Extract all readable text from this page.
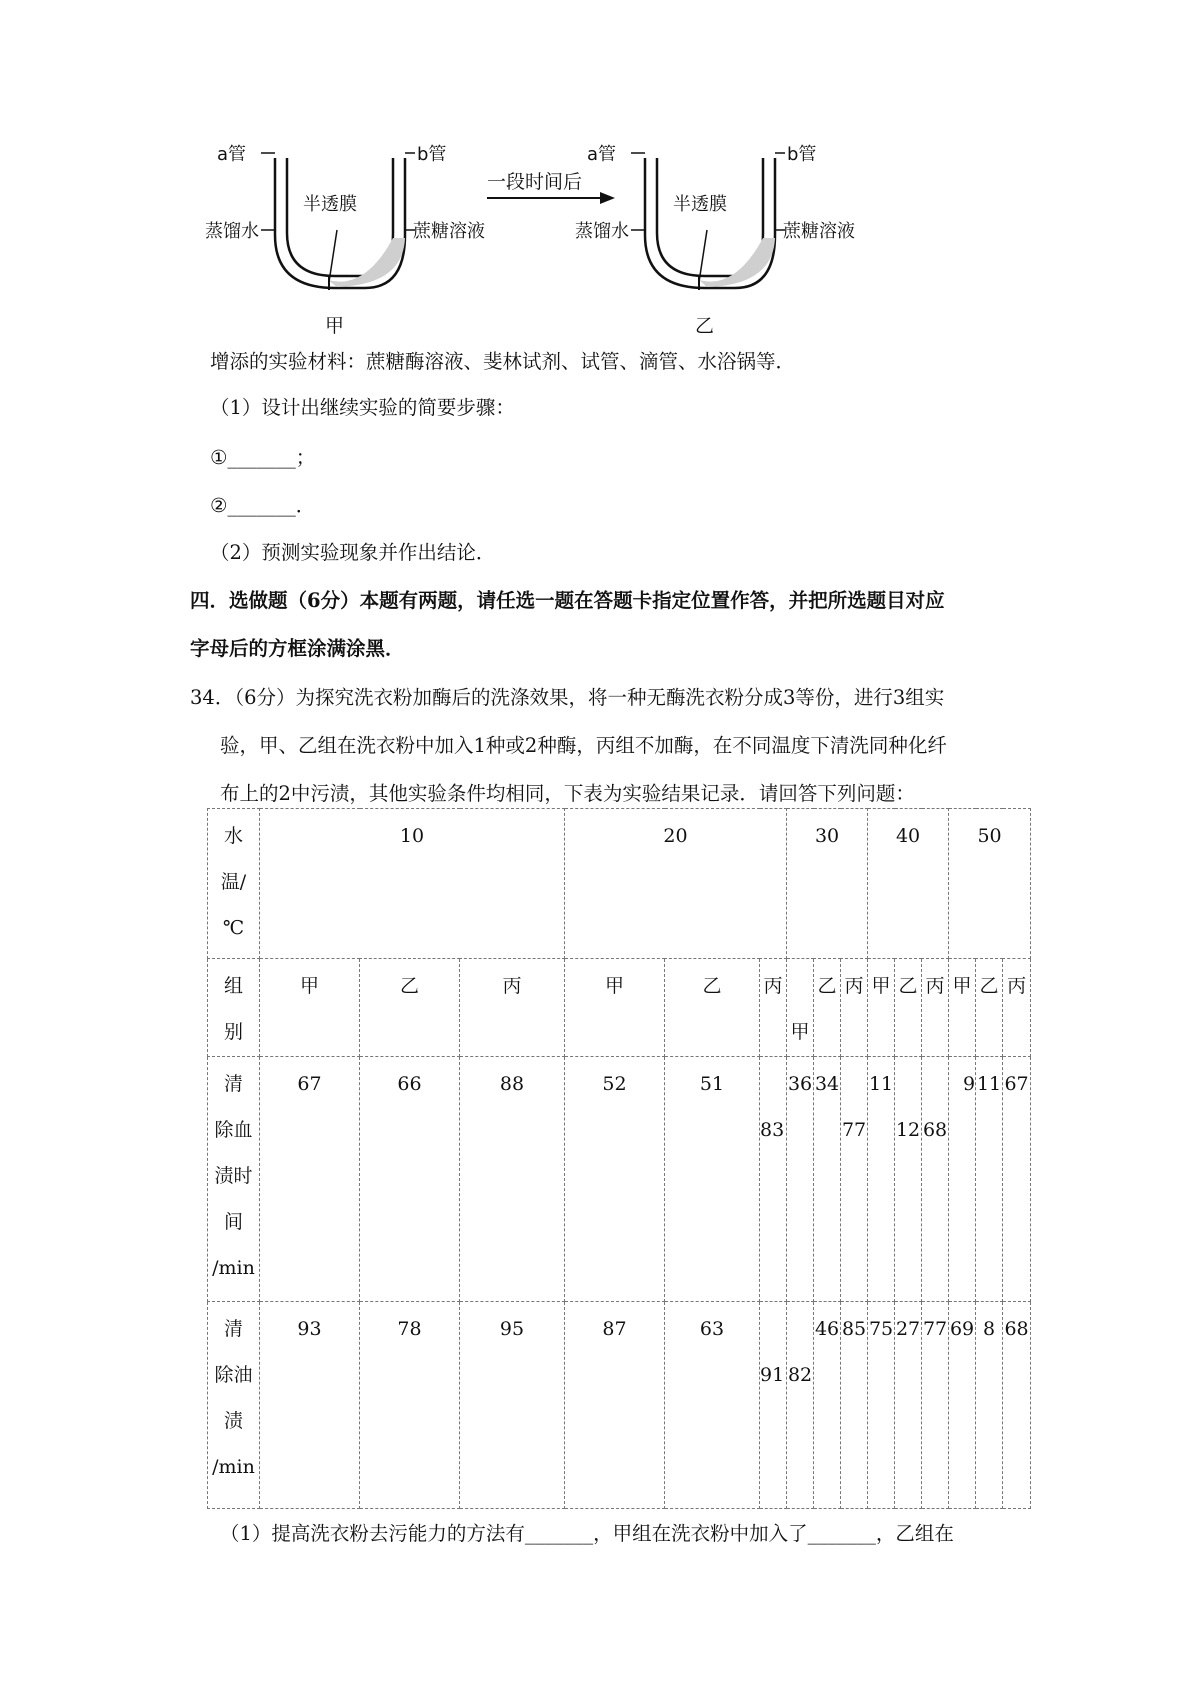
a管	b管
半透膜
蒸馏水	蔗糖溶液
甲
一段时间后
a管	b管
半透膜
蒸馏水	蔗糖溶液
乙
增添的实验材料：蔗糖酶溶液、斐林试剂、试管、滴管、水浴锅等．
（1）设计出继续实验的简要步骤：
①_______；
②_______．
（2）预测实验现象并作出结论．
四．选做题（6分）本题有两题，请任选一题在答题卡指定位置作答，并把所选题目对应
字母后的方框涂满涂黑．
34．（6分）为探究洗衣粉加酶后的洗涤效果，将一种无酶洗衣粉分成3等份，进行3组实
验，甲、乙组在洗衣粉中加入1种或2种酶，丙组不加酶，在不同温度下清洗同种化纤
布上的2中污渍，其他实验条件均相同，下表为实验结果记录．请回答下列问题：
水
温/
℃	10			20			30			40			50		

组
别	甲	乙	丙	甲	乙	丙	甲	乙	丙	甲	乙	丙	甲	乙	丙

清
除血
渍时
间
/min	67	66	88	52	51	83	36	34	77	11	12	68	9	11	67

清
除油
渍
/min	93	78	95	87	63	91	82	46	85	75	27	77	69	8	68
（1）提高洗衣粉去污能力的方法有_______，甲组在洗衣粉中加入了_______，乙组在
